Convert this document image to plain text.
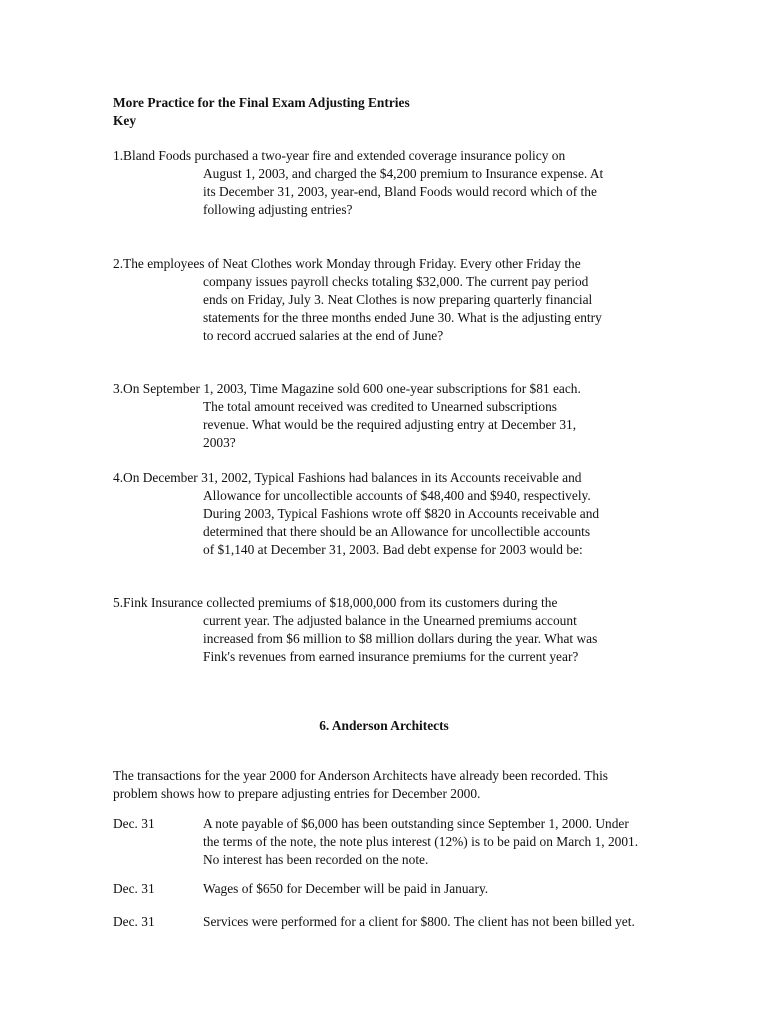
More Practice for the Final Exam Adjusting Entries
Key
1.Bland Foods purchased a two-year fire and extended coverage insurance policy on
August 1, 2003, and charged the $4,200 premium to Insurance expense. At
its December 31, 2003, year-end, Bland Foods would record which of the
following adjusting entries?
2.The employees of Neat Clothes work Monday through Friday. Every other Friday the
company issues payroll checks totaling $32,000. The current pay period
ends on Friday, July 3. Neat Clothes is now preparing quarterly financial
statements for the three months ended June 30. What is the adjusting entry
to record accrued salaries at the end of June?
3.On September 1, 2003, Time Magazine sold 600 one-year subscriptions for $81 each.
The total amount received was credited to Unearned subscriptions
revenue. What would be the required adjusting entry at December 31,
2003?
4.On December 31, 2002, Typical Fashions had balances in its Accounts receivable and
Allowance for uncollectible accounts of $48,400 and $940, respectively.
During 2003, Typical Fashions wrote off $820 in Accounts receivable and
determined that there should be an Allowance for uncollectible accounts
of $1,140 at December 31, 2003. Bad debt expense for 2003 would be:
5.Fink Insurance collected premiums of $18,000,000 from its customers during the
current year. The adjusted balance in the Unearned premiums account
increased from $6 million to $8 million dollars during the year. What was
Fink's revenues from earned insurance premiums for the current year?
6. Anderson Architects
The transactions for the year 2000 for Anderson Architects have already been recorded. This
problem shows how to prepare adjusting entries for December 2000.
Dec. 31	A note payable of $6,000 has been outstanding since September 1, 2000. Under
the terms of the note, the note plus interest (12%) is to be paid on March 1, 2001.
No interest has been recorded on the note.
Dec. 31	Wages of $650 for December will be paid in January.
Dec. 31	Services were performed for a client for $800. The client has not been billed yet.
